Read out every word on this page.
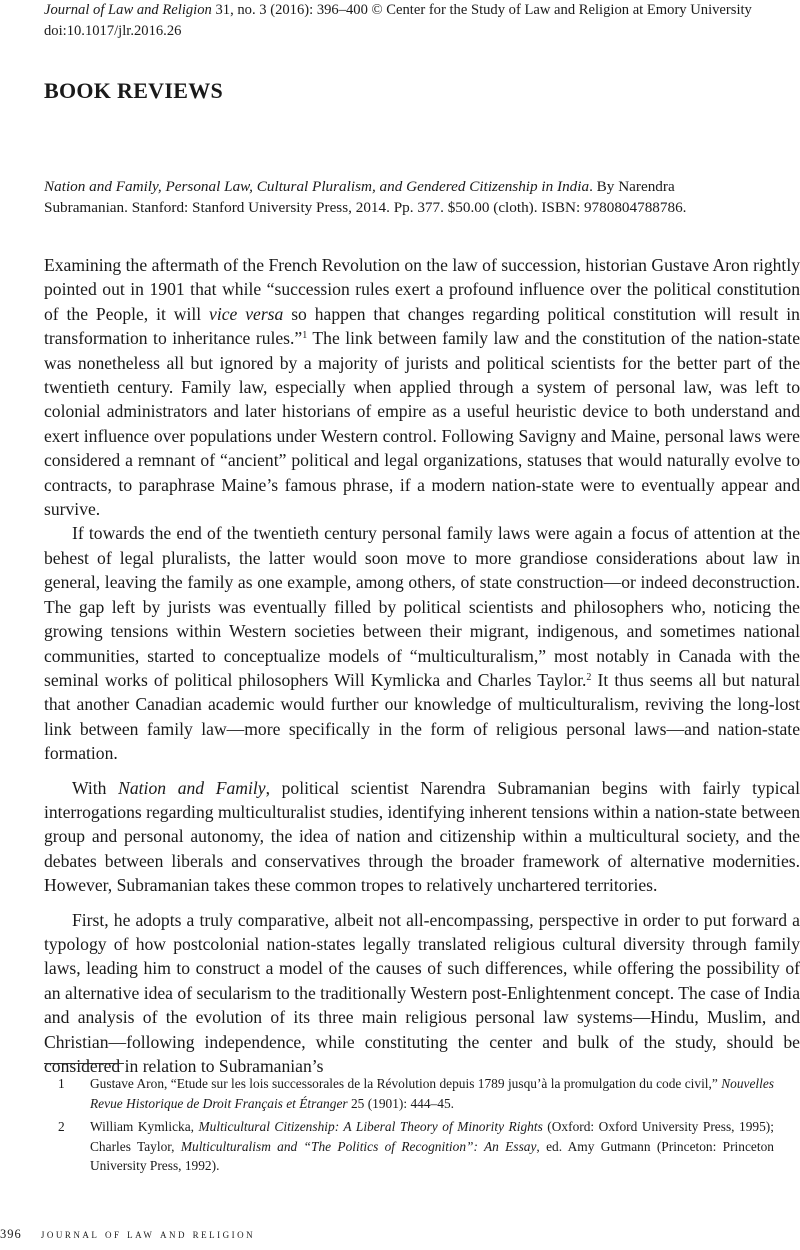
Journal of Law and Religion 31, no. 3 (2016): 396–400 © Center for the Study of Law and Religion at Emory University
doi:10.1017/jlr.2016.26
BOOK REVIEWS
Nation and Family, Personal Law, Cultural Pluralism, and Gendered Citizenship in India. By Narendra
Subramanian. Stanford: Stanford University Press, 2014. Pp. 377. $50.00 (cloth). ISBN: 9780804788786.

Examining the aftermath of the French Revolution on the law of succession, historian Gustave Aron rightly pointed out in 1901 that while “succession rules exert a profound influence over the political constitution of the People, it will vice versa so happen that changes regarding political constitution will result in transformation to inheritance rules.”$^1$ The link between family law and the constitution of the nation-state was nonetheless all but ignored by a majority of jurists and political scientists for the better part of the twentieth century. Family law, especially when applied through a system of personal law, was left to colonial administrators and later historians of empire as a useful heuristic device to both understand and exert influence over populations under Western control. Following Savigny and Maine, personal laws were considered a remnant of “ancient” political and legal organizations, statuses that would naturally evolve to contracts, to paraphrase Maine’s famous phrase, if a modern nation-state were to eventually appear and survive.

If towards the end of the twentieth century personal family laws were again a focus of attention at the behest of legal pluralists, the latter would soon move to more grandiose considerations about law in general, leaving the family as one example, among others, of state construction—or indeed deconstruction. The gap left by jurists was eventually filled by political scientists and philosophers who, noticing the growing tensions within Western societies between their migrant, indigenous, and sometimes national communities, started to conceptualize models of “multiculturalism,” most notably in Canada with the seminal works of political philosophers Will Kymlicka and Charles Taylor.$^2$ It thus seems all but natural that another Canadian academic would further our knowledge of multiculturalism, reviving the long-lost link between family law—more specifically in the form of religious personal laws—and nation-state formation.

With Nation and Family, political scientist Narendra Subramanian begins with fairly typical interrogations regarding multiculturalist studies, identifying inherent tensions within a nation-state between group and personal autonomy, the idea of nation and citizenship within a multicultural society, and the debates between liberals and conservatives through the broader framework of alternative modernities. However, Subramanian takes these common tropes to relatively unchartered territories.

First, he adopts a truly comparative, albeit not all-encompassing, perspective in order to put forward a typology of how postcolonial nation-states legally translated religious cultural diversity through family laws, leading him to construct a model of the causes of such differences, while offering the possibility of an alternative idea of secularism to the traditionally Western post-Enlightenment concept. The case of India and analysis of the evolution of its three main religious personal law systems—Hindu, Muslim, and Christian—following independence, while constituting the center and bulk of the study, should be considered in relation to Subramanian’s

1 Gustave Aron, “Etude sur les lois successorales de la Révolution depuis 1789 jusqu’à la promulgation du code civil,” Nouvelles Revue Historique de Droit Français et Étranger 25 (1901): 444–45.
2 William Kymlicka, Multicultural Citizenship: A Liberal Theory of Minority Rights (Oxford: Oxford University Press, 1995); Charles Taylor, Multiculturalism and “The Politics of Recognition”: An Essay, ed. Amy Gutmann (Princeton: Princeton University Press, 1992).
396 journal of law and religion
